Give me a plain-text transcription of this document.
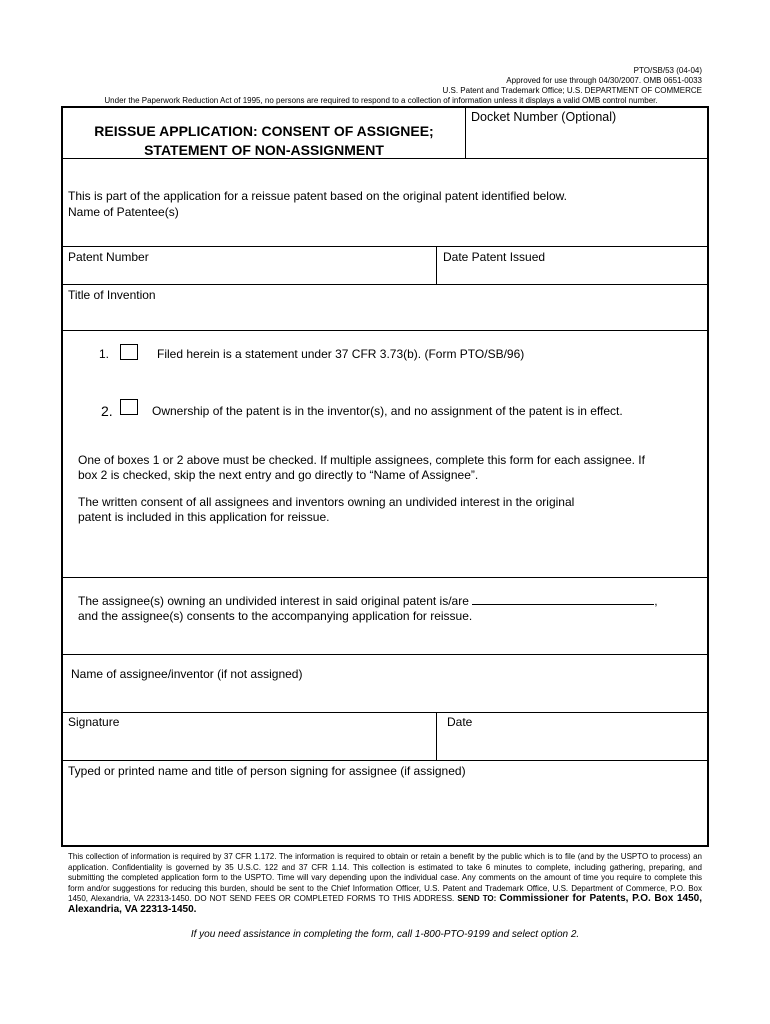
PTO/SB/53 (04-04)
Approved for use through 04/30/2007. OMB 0651-0033
U.S. Patent and Trademark Office; U.S. DEPARTMENT OF COMMERCE
Under the Paperwork Reduction Act of 1995, no persons are required to respond to a collection of information unless it displays a valid OMB control number.
REISSUE APPLICATION: CONSENT OF ASSIGNEE;
STATEMENT OF NON-ASSIGNMENT
Docket Number (Optional)
This is part of the application for a reissue patent based on the original patent identified below.
Name of Patentee(s)
Patent Number	Date Patent Issued
Title of Invention
1.	Filed herein is a statement under 37 CFR 3.73(b). (Form PTO/SB/96)
2.	Ownership of the patent is in the inventor(s), and no assignment of the patent is in effect.
One of boxes 1 or 2 above must be checked. If multiple assignees, complete this form for each assignee. If
box 2 is checked, skip the next entry and go directly to “Name of Assignee”.
The written consent of all assignees and inventors owning an undivided interest in the original
patent is included in this application for reissue.
The assignee(s) owning an undivided interest in said original patent is/are	,
and the assignee(s) consents to the accompanying application for reissue.
Name of assignee/inventor (if not assigned)
Signature	Date
Typed or printed name and title of person signing for assignee (if assigned)
This collection of information is required by 37 CFR 1.172. The information is required to obtain or retain a benefit by the public which is to file (and by the USPTO to process) an application. Confidentiality is governed by 35 U.S.C. 122 and 37 CFR 1.14. This collection is estimated to take 6 minutes to complete, including gathering, preparing, and submitting the completed application form to the USPTO. Time will vary depending upon the individual case. Any comments on the amount of time you require to complete this form and/or suggestions for reducing this burden, should be sent to the Chief Information Officer, U.S. Patent and Trademark Office, U.S. Department of Commerce, P.O. Box 1450, Alexandria, VA 22313-1450. DO NOT SEND FEES OR COMPLETED FORMS TO THIS ADDRESS. SEND TO: Commissioner for Patents, P.O. Box 1450, Alexandria, VA 22313-1450.
If you need assistance in completing the form, call 1-800-PTO-9199 and select option 2.
